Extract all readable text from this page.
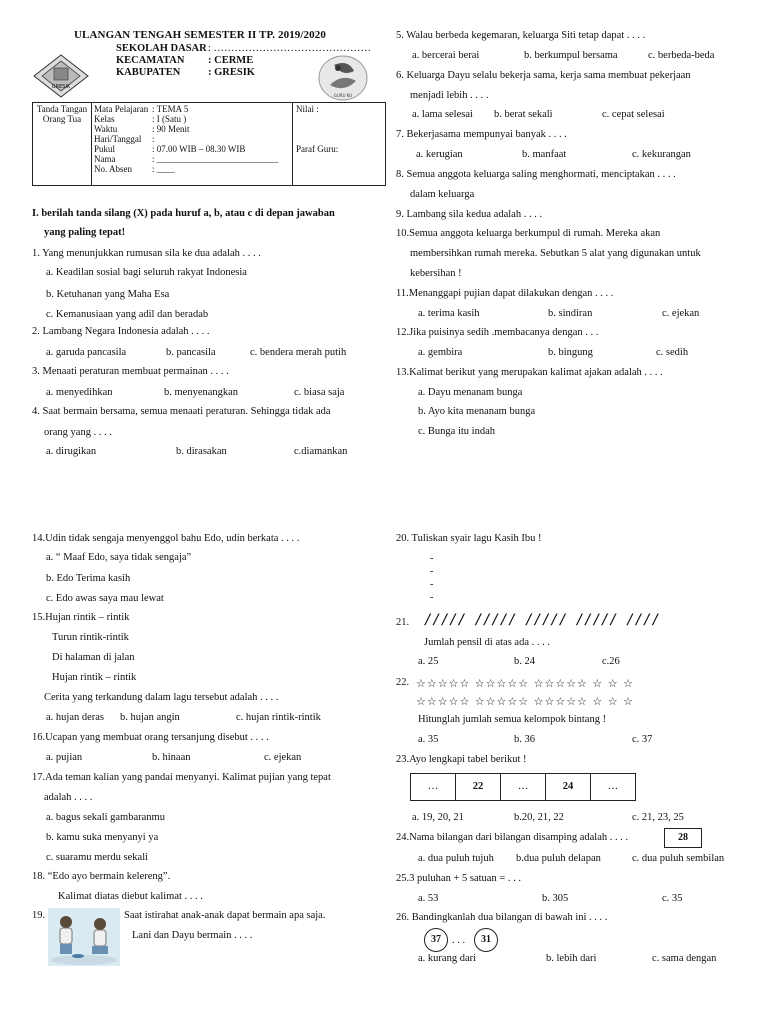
ULANGAN TENGAH SEMESTER II TP. 2019/2020
SEKOLAH DASAR : ………………………………………
KECAMATAN : CERME
KABUPATEN	: GRESIK
GRESIK
GURU KU
Tanda Tangan Orang Tua	
Mata Pelajaran : TEMA 5
Kelas	: I (Satu )
Waktu	: 90 Menit
Hari/Tanggal	:
Pukul	: 07.00 WIB – 08.30 WIB
Nama	: ___________________________
No. Absen	: ____

Nilai :
Paraf Guru:
I. berilah tanda silang (X) pada huruf a, b, atau c di depan jawaban
yang paling tepat!
1. Yang menunjukkan rumusan sila ke dua adalah . . . .
a. Keadilan sosial bagi seluruh rakyat Indonesia
b. Ketuhanan yang Maha Esa
c. Kemanusiaan yang adil dan beradab
2. Lambang Negara Indonesia adalah . . . .
a. garuda pancasila	b. pancasila	c. bendera merah putih
3. Menaati peraturan membuat permainan . . . .
a. menyedihkan	b. menyenangkan	c. biasa saja
4. Saat bermain bersama, semua menaati peraturan. Sehingga tidak ada
orang yang . . . .
a. dirugikan	b. dirasakan	c.diamankan
5. Walau berbeda kegemaran, keluarga Siti tetap dapat . . . .
a. bercerai berai	b. berkumpul bersama	c. berbeda-beda
6. Keluarga Dayu selalu bekerja sama, kerja sama membuat pekerjaan
menjadi lebih . . . .
a. lama selesai b. berat sekali	c. cepat selesai
7. Bekerjasama mempunyai banyak . . . .
a. kerugian	b. manfaat	c. kekurangan
8. Semua anggota keluarga saling menghormati, menciptakan . . . .
dalam keluarga
9. Lambang sila kedua adalah . . . .
10.Semua anggota keluarga berkumpul di rumah. Mereka akan
membersihkan rumah mereka. Sebutkan 5 alat yang digunakan untuk
kebersihan !
11.Menanggapi pujian dapat dilakukan dengan . . . .
a. terima kasih	b. sindiran	c. ejekan
12.Jika puisinya sedih .membacanya dengan . . .
a. gembira	b. bingung	c. sedih
13.Kalimat berikut yang merupakan kalimat ajakan adalah . . . .
a. Dayu menanam bunga
b. Ayo kita menanam bunga
c. Bunga itu indah
14.Udin tidak sengaja menyenggol bahu Edo, udin berkata . . . .
a. “ Maaf Edo, saya tidak sengaja”
b. Edo Terima kasih
c. Edo awas saya mau lewat
15.Hujan rintik – rintik
Turun rintik-rintik
Di halaman di jalan
Hujan rintik – rintik
Cerita yang terkandung dalam lagu tersebut adalah . . . .
a. hujan deras b. hujan angin	c. hujan rintik-rintik
16.Ucapan yang membuat orang tersanjung disebut . . . .
a. pujian	b. hinaan	c. ejekan
17.Ada teman kalian yang pandai menyanyi. Kalimat pujian yang tepat
adalah . . . .
a. bagus sekali gambaranmu
b. kamu suka menyanyi ya
c. suaramu merdu sekali
18. “Edo ayo bermain kelereng”.
Kalimat diatas diebut kalimat . . . .
19.	Saat istirahat anak-anak dapat bermain apa saja.
Lani dan Dayu bermain . . . .
20. Tuliskan syair lagu Kasih Ibu !
-
-
-
-
21. ///// ///// ///// ///// ////
Jumlah pensil di atas ada . . . .
a. 25	b. 24	c.26
22. ☆☆☆☆☆ ☆☆☆☆☆ ☆☆☆☆☆ ☆ ☆ ☆
☆☆☆☆☆ ☆☆☆☆☆ ☆☆☆☆☆ ☆ ☆ ☆
Hitunglah jumlah semua kelompok bintang !
a. 35	b. 36	c. 37
23.Ayo lengkapi tabel berikut !
…	22	…	24	…
a. 19, 20, 21	b.20, 21, 22	c. 21, 23, 25
24.Nama bilangan dari bilangan disamping adalah . . . .	28
a. dua puluh tujuh b.dua puluh delapan	c. dua puluh sembilan
25.3 puluhan + 5 satuan = . . .
a. 53	b. 305	c. 35
26. Bandingkanlah dua bilangan di bawah ini . . . .
37	. . .	31
a. kurang dari	b. lebih dari	c. sama dengan
